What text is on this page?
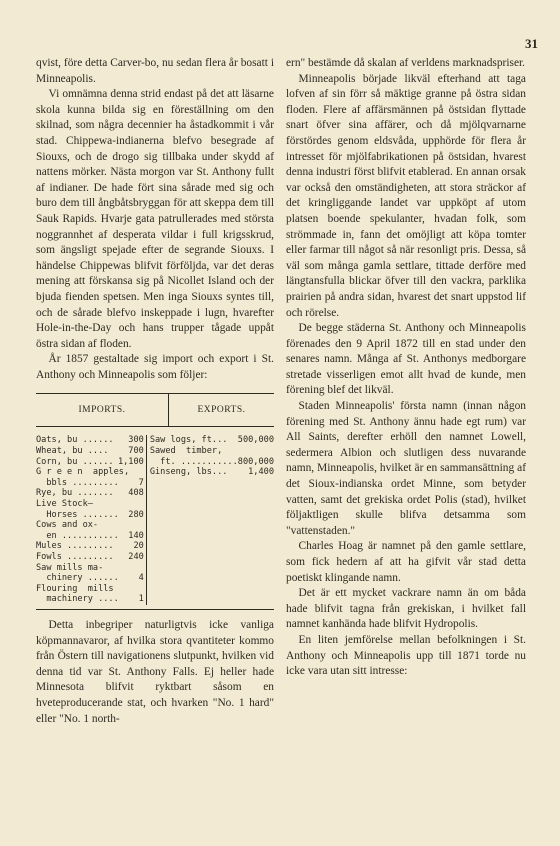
31

qvist, före detta Carver-bo, nu sedan flera år bosatt i Minneapolis.

Vi omnämna denna strid endast på det att läsarne skola kunna bilda sig en föreställning om den skilnad, som några decennier ha åstadkommit i vår stad. Chippewa-indianerna blefvo besegrade af Siouxs, och de drogo sig tillbaka under skydd af nattens mörker. Nästa morgon var St. Anthony fullt af indianer. De hade fört sina sårade med sig och buro dem till ångbåtsbryggan för att skeppa dem till Sauk Rapids. Hvarje gata patrullerades med största noggrannhet af desperata vildar i full krigsskrud, som ängsligt spejade efter de segrande Siouxs. I händelse Chippewas blifvit förföljda, var det deras mening att förskansa sig på Nicollet Island och der bjuda fienden spetsen. Men inga Siouxs syntes till, och de sårade blefvo inskeppade i lugn, hvarefter Hole-in-the-Day och hans trupper tågade uppåt östra sidan af floden.

År 1857 gestaltade sig import och export i St. Anthony och Minneapolis som följer:

IMPORTS.	EXPORTS.
Oats, bu ...... 300
Wheat, bu .... 700
Corn, bu ...... 1,100
G r e e n  apples,
bbls ......... 7
Rye, bu ....... 408
Live Stock—
Horses ....... 280
Cows and ox-
en ........... 140
Mules ......... 20
Fowls ......... 240
Saw mills ma-
chinery ...... 4
Flouring  mills
machinery .... 1
Saw logs, ft... 500,000
Sawed  timber,
ft. ........... 800,000
Ginseng, lbs... 1,400

Detta inbegriper naturligtvis icke vanliga köpmannavaror, af hvilka stora qvantiteter kommo från Östern till navigationens slutpunkt, hvilken vid denna tid var St. Anthony Falls. Ej heller hade Minnesota blifvit ryktbart såsom en hveteproducerande stat, och hvarken "No. 1 hard" eller "No. 1 north-

ern" bestämde då skalan af verldens marknadspriser.

Minneapolis började likväl efterhand att taga lofven af sin förr så mäktige granne på östra sidan floden. Flere af affärsmännen på östsidan flyttade snart öfver sina affärer, och då mjölqvarnarne förstördes genom eldsvåda, upphörde för flera år intresset för mjölfabrikationen på östsidan, hvarest denna industri först blifvit etablerad. En annan orsak var också den omständigheten, att stora sträckor af det kringliggande landet var uppköpt af utom platsen boende spekulanter, hvadan folk, som strömmade in, fann det omöjligt att köpa tomter eller farmar till något så när resonligt pris. Dessa, så väl som många gamla settlare, tittade derföre med längtansfulla blickar öfver till den vackra, parklika prairien på andra sidan, hvarest det snart uppstod lif och rörelse.

De begge städerna St. Anthony och Minneapolis förenades den 9 April 1872 till en stad under den senares namn. Många af St. Anthonys medborgare stretade visserligen emot allt hvad de kunde, men förening blef det likväl.

Staden Minneapolis' första namn (innan någon förening med St. Anthony ännu hade egt rum) var All Saints, derefter erhöll den namnet Lowell, sedermera Albion och slutligen dess nuvarande namn, Minneapolis, hvilket är en sammansättning af det Sioux-indianska ordet Minne, som betyder vatten, samt det grekiska ordet Polis (stad), hvilket följaktligen skulle blifva detsamma som "vattenstaden."

Charles Hoag är namnet på den gamle settlare, som fick hedern af att ha gifvit vår stad detta poetiskt klingande namn.

Det är ett mycket vackrare namn än om båda hade blifvit tagna från grekiskan, i hvilket fall namnet kanhända hade blifvit Hydropolis.

En liten jemförelse mellan befolkningen i St. Anthony och Minneapolis upp till 1871 torde nu icke vara utan sitt intresse:
